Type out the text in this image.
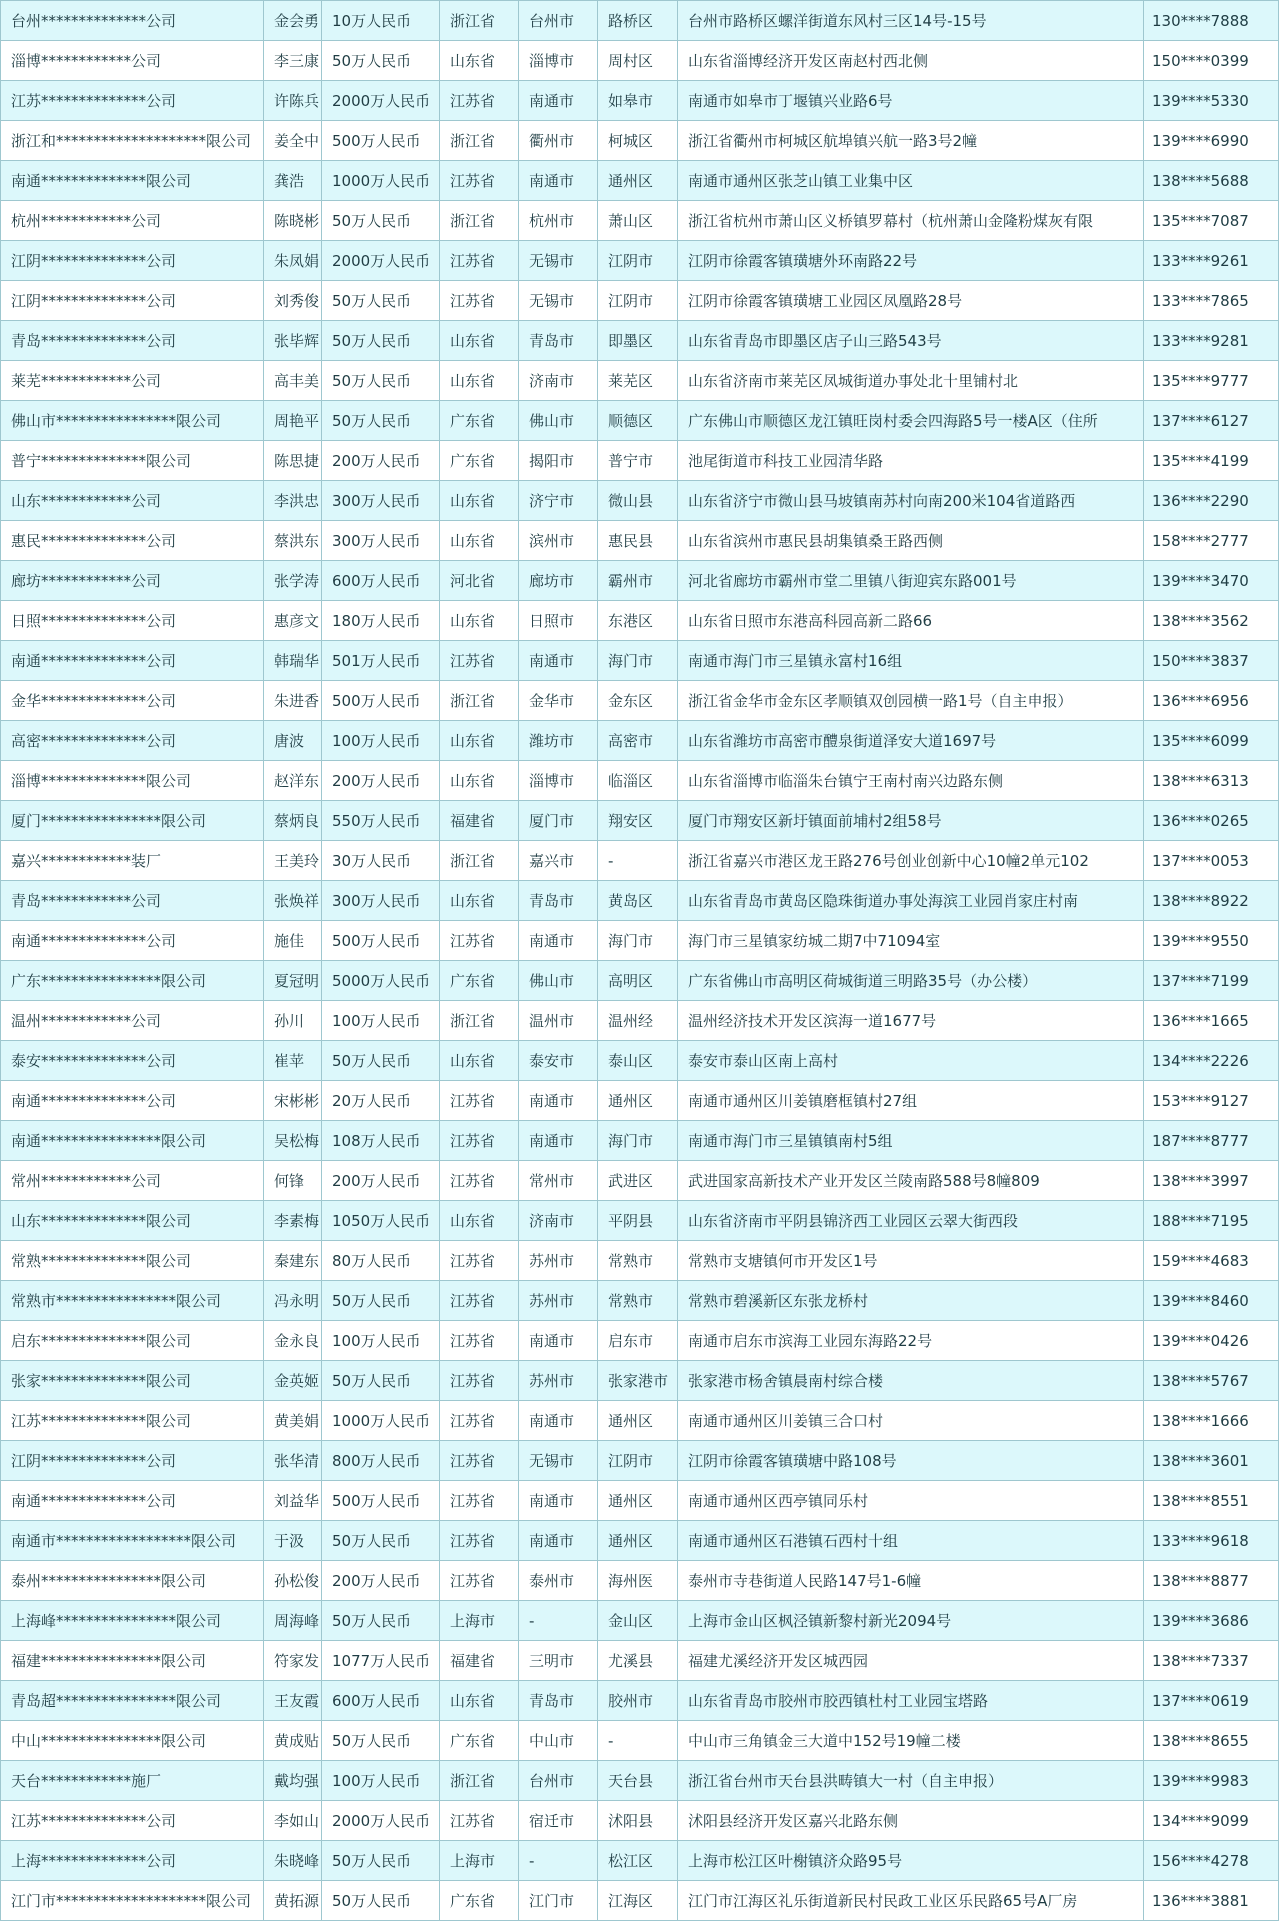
台州**************公司	金会勇	10万人民币	浙江省	台州市	路桥区	台州市路桥区螺洋街道东风村三区14号-15号	130****7888
淄博************公司	李三康	50万人民币	山东省	淄博市	周村区	山东省淄博经济开发区南赵村西北侧	150****0399
江苏**************公司	许陈兵	2000万人民币	江苏省	南通市	如皋市	南通市如皋市丁堰镇兴业路6号	139****5330
浙江和********************限公司	姜全中	500万人民币	浙江省	衢州市	柯城区	浙江省衢州市柯城区航埠镇兴航一路3号2幢	139****6990
南通**************限公司	龚浩	1000万人民币	江苏省	南通市	通州区	南通市通州区张芝山镇工业集中区	138****5688
杭州************公司	陈晓彬	50万人民币	浙江省	杭州市	萧山区	浙江省杭州市萧山区义桥镇罗幕村（杭州萧山金隆粉煤灰有限	135****7087
江阴**************公司	朱凤娟	2000万人民币	江苏省	无锡市	江阴市	江阴市徐霞客镇璜塘外环南路22号	133****9261
江阴**************公司	刘秀俊	50万人民币	江苏省	无锡市	江阴市	江阴市徐霞客镇璜塘工业园区凤凰路28号	133****7865
青岛**************公司	张毕辉	50万人民币	山东省	青岛市	即墨区	山东省青岛市即墨区店子山三路543号	133****9281
莱芜************公司	高丰美	50万人民币	山东省	济南市	莱芜区	山东省济南市莱芜区凤城街道办事处北十里铺村北	135****9777
佛山市****************限公司	周艳平	50万人民币	广东省	佛山市	顺德区	广东佛山市顺德区龙江镇旺岗村委会四海路5号一楼A区（住所	137****6127
普宁**************限公司	陈思捷	200万人民币	广东省	揭阳市	普宁市	池尾街道市科技工业园清华路	135****4199
山东************公司	李洪忠	300万人民币	山东省	济宁市	微山县	山东省济宁市微山县马坡镇南苏村向南200米104省道路西	136****2290
惠民**************公司	蔡洪东	300万人民币	山东省	滨州市	惠民县	山东省滨州市惠民县胡集镇桑王路西侧	158****2777
廊坊************公司	张学涛	600万人民币	河北省	廊坊市	霸州市	河北省廊坊市霸州市堂二里镇八街迎宾东路001号	139****3470
日照**************公司	惠彦文	180万人民币	山东省	日照市	东港区	山东省日照市东港高科园高新二路66	138****3562
南通**************公司	韩瑞华	501万人民币	江苏省	南通市	海门市	南通市海门市三星镇永富村16组	150****3837
金华**************公司	朱进香	500万人民币	浙江省	金华市	金东区	浙江省金华市金东区孝顺镇双创园横一路1号（自主申报）	136****6956
高密**************公司	唐波	100万人民币	山东省	潍坊市	高密市	山东省潍坊市高密市醴泉街道泽安大道1697号	135****6099
淄博**************限公司	赵洋东	200万人民币	山东省	淄博市	临淄区	山东省淄博市临淄朱台镇宁王南村南兴边路东侧	138****6313
厦门****************限公司	蔡炳良	550万人民币	福建省	厦门市	翔安区	厦门市翔安区新圩镇面前埔村2组58号	136****0265
嘉兴************装厂	王美玲	30万人民币	浙江省	嘉兴市	-	浙江省嘉兴市港区龙王路276号创业创新中心10幢2单元102	137****0053
青岛************公司	张焕祥	300万人民币	山东省	青岛市	黄岛区	山东省青岛市黄岛区隐珠街道办事处海滨工业园肖家庄村南	138****8922
南通**************公司	施佳	500万人民币	江苏省	南通市	海门市	海门市三星镇家纺城二期7中71094室	139****9550
广东****************限公司	夏冠明	5000万人民币	广东省	佛山市	高明区	广东省佛山市高明区荷城街道三明路35号（办公楼）	137****7199
温州************公司	孙川	100万人民币	浙江省	温州市	温州经	温州经济技术开发区滨海一道1677号	136****1665
泰安**************公司	崔苹	50万人民币	山东省	泰安市	泰山区	泰安市泰山区南上高村	134****2226
南通**************公司	宋彬彬	20万人民币	江苏省	南通市	通州区	南通市通州区川姜镇磨框镇村27组	153****9127
南通****************限公司	吴松梅	108万人民币	江苏省	南通市	海门市	南通市海门市三星镇镇南村5组	187****8777
常州************公司	何锋	200万人民币	江苏省	常州市	武进区	武进国家高新技术产业开发区兰陵南路588号8幢809	138****3997
山东**************限公司	李素梅	1050万人民币	山东省	济南市	平阴县	山东省济南市平阴县锦济西工业园区云翠大街西段	188****7195
常熟**************限公司	秦建东	80万人民币	江苏省	苏州市	常熟市	常熟市支塘镇何市开发区1号	159****4683
常熟市****************限公司	冯永明	50万人民币	江苏省	苏州市	常熟市	常熟市碧溪新区东张龙桥村	139****8460
启东**************限公司	金永良	100万人民币	江苏省	南通市	启东市	南通市启东市滨海工业园东海路22号	139****0426
张家**************限公司	金英姬	50万人民币	江苏省	苏州市	张家港市	张家港市杨舍镇晨南村综合楼	138****5767
江苏**************限公司	黄美娟	1000万人民币	江苏省	南通市	通州区	南通市通州区川姜镇三合口村	138****1666
江阴**************公司	张华清	800万人民币	江苏省	无锡市	江阴市	江阴市徐霞客镇璜塘中路108号	138****3601
南通**************公司	刘益华	500万人民币	江苏省	南通市	通州区	南通市通州区西亭镇同乐村	138****8551
南通市******************限公司	于汲	50万人民币	江苏省	南通市	通州区	南通市通州区石港镇石西村十组	133****9618
泰州****************限公司	孙松俊	200万人民币	江苏省	泰州市	海州医	泰州市寺巷街道人民路147号1-6幢	138****8877
上海峰****************限公司	周海峰	50万人民币	上海市	-	金山区	上海市金山区枫泾镇新黎村新光2094号	139****3686
福建****************限公司	符家发	1077万人民币	福建省	三明市	尤溪县	福建尤溪经济开发区城西园	138****7337
青岛超****************限公司	王友霞	600万人民币	山东省	青岛市	胶州市	山东省青岛市胶州市胶西镇杜村工业园宝塔路	137****0619
中山****************限公司	黄成贴	50万人民币	广东省	中山市	-	中山市三角镇金三大道中152号19幢二楼	138****8655
天台************施厂	戴均强	100万人民币	浙江省	台州市	天台县	浙江省台州市天台县洪畴镇大一村（自主申报）	139****9983
江苏**************公司	李如山	2000万人民币	江苏省	宿迁市	沭阳县	沭阳县经济开发区嘉兴北路东侧	134****9099
上海**************公司	朱晓峰	50万人民币	上海市	-	松江区	上海市松江区叶榭镇济众路95号	156****4278
江门市********************限公司	黄拓源	50万人民币	广东省	江门市	江海区	江门市江海区礼乐街道新民村民政工业区乐民路65号A厂房	136****3881
